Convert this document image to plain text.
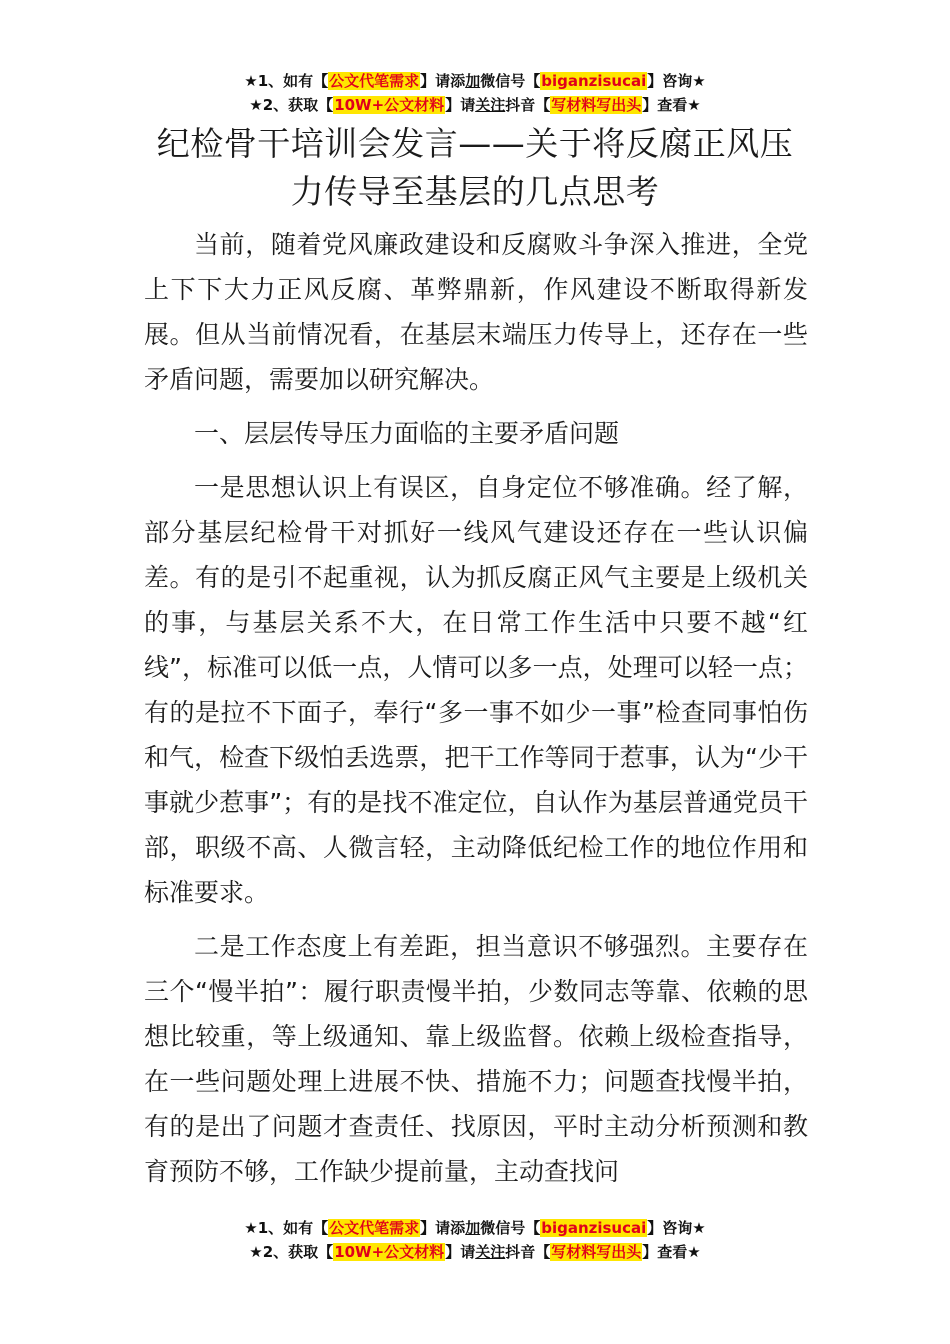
★1、如有【公文代笔需求】请添加微信号【biganzisucai】咨询★
★2、获取【10W+公文材料】请关注抖音【写材料写出头】查看★
纪检骨干培训会发言——关于将反腐正风压
力传导至基层的几点思考

当前，随着党风廉政建设和反腐败斗争深入推进，全党上下下大力正风反腐、革弊鼎新，作风建设不断取得新发展。但从当前情况看，在基层末端压力传导上，还存在一些矛盾问题，需要加以研究解决。

一、层层传导压力面临的主要矛盾问题

一是思想认识上有误区，自身定位不够准确。经了解，部分基层纪检骨干对抓好一线风气建设还存在一些认识偏差。有的是引不起重视，认为抓反腐正风气主要是上级机关的事，与基层关系不大，在日常工作生活中只要不越“红线”，标准可以低一点，人情可以多一点，处理可以轻一点；有的是拉不下面子，奉行“多一事不如少一事”检查同事怕伤和气，检查下级怕丢选票，把干工作等同于惹事，认为“少干事就少惹事”；有的是找不准定位，自认作为基层普通党员干部，职级不高、人微言轻，主动降低纪检工作的地位作用和标准要求。

二是工作态度上有差距，担当意识不够强烈。主要存在三个“慢半拍”：履行职责慢半拍，少数同志等靠、依赖的思想比较重，等上级通知、靠上级监督。依赖上级检查指导，在一些问题处理上进展不快、措施不力；问题查找慢半拍，有的是出了问题才查责任、找原因，平时主动分析预测和教育预防不够，工作缺少提前量，主动查找问

★1、如有【公文代笔需求】请添加微信号【biganzisucai】咨询★
★2、获取【10W+公文材料】请关注抖音【写材料写出头】查看★
